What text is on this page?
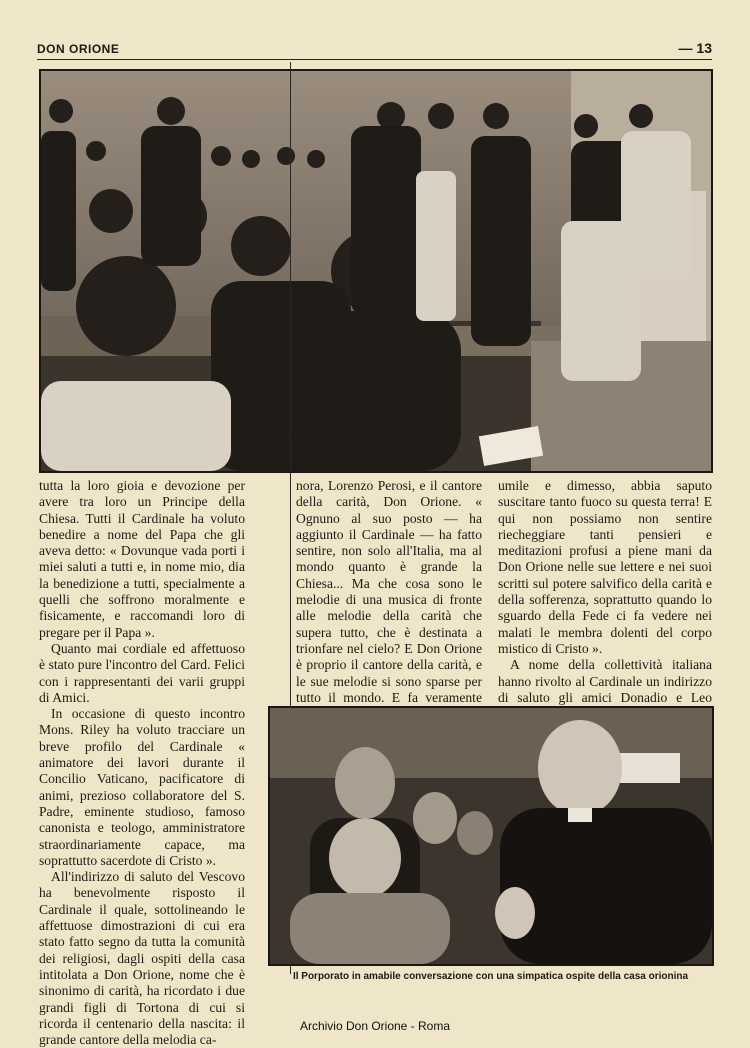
DON ORIONE	— 13

tutta la loro gioia e devozione per avere tra loro un Principe della Chiesa. Tutti il Cardinale ha voluto benedire a nome del Papa che gli aveva detto: « Dovunque vada porti i miei saluti a tutti e, in nome mio, dia la benedizione a tutti, specialmente a quelli che soffrono moralmente e fisicamente, e raccomandi loro di pregare per il Papa ».

Quanto mai cordiale ed affettuoso è stato pure l'incontro del Card. Felici con i rappresentanti dei varii gruppi di Amici.

In occasione di questo incontro Mons. Riley ha voluto tracciare un breve profilo del Cardinale « animatore dei lavori durante il Concilio Vaticano, pacificatore di animi, prezioso collaboratore del S. Padre, eminente studioso, famoso canonista e teologo, amministratore straordinariamente capace, ma soprattutto sacerdote di Cristo ».

All'indirizzo di saluto del Vescovo ha benevolmente risposto il Cardinale il quale, sottolineando le affettuose dimostrazioni di cui era stato fatto segno da tutta la comunità dei religiosi, dagli ospiti della casa intitolata a Don Orione, nome che è sinonimo di carità, ha ricordato i due grandi figli di Tortona di cui si ricorda il centenario della nascita: il grande cantore della melodia ca-

nora, Lorenzo Perosi, e il cantore della carità, Don Orione. « Ognuno al suo posto — ha aggiunto il Cardinale — ha fatto sentire, non solo all'Italia, ma al mondo quanto è grande la Chiesa... Ma che cosa sono le melodie di una musica di fronte alle melodie della carità che supera tutto, che è destinata a trionfare nel cielo? E Don Orione è proprio il cantore della carità, e le sue melodie si sono sparse per tutto il mondo. E fa veramente

umile e dimesso, abbia saputo suscitare tanto fuoco su questa terra! E qui non possiamo non sentire riecheggiare tanti pensieri e meditazioni profusi a piene mani da Don Orione nelle sue lettere e nei suoi scritti sul potere salvifico della carità e della sofferenza, soprattutto quando lo sguardo della Fede ci fa vedere nei malati le membra dolenti del corpo mistico di Cristo ».

A nome della collettività italiana hanno rivolto al Cardinale un indirizzo di saluto gli amici Donadio e Leo

Il Porporato in amabile conversazione con una simpatica ospite della casa orionina
Archivio Don Orione - Roma
